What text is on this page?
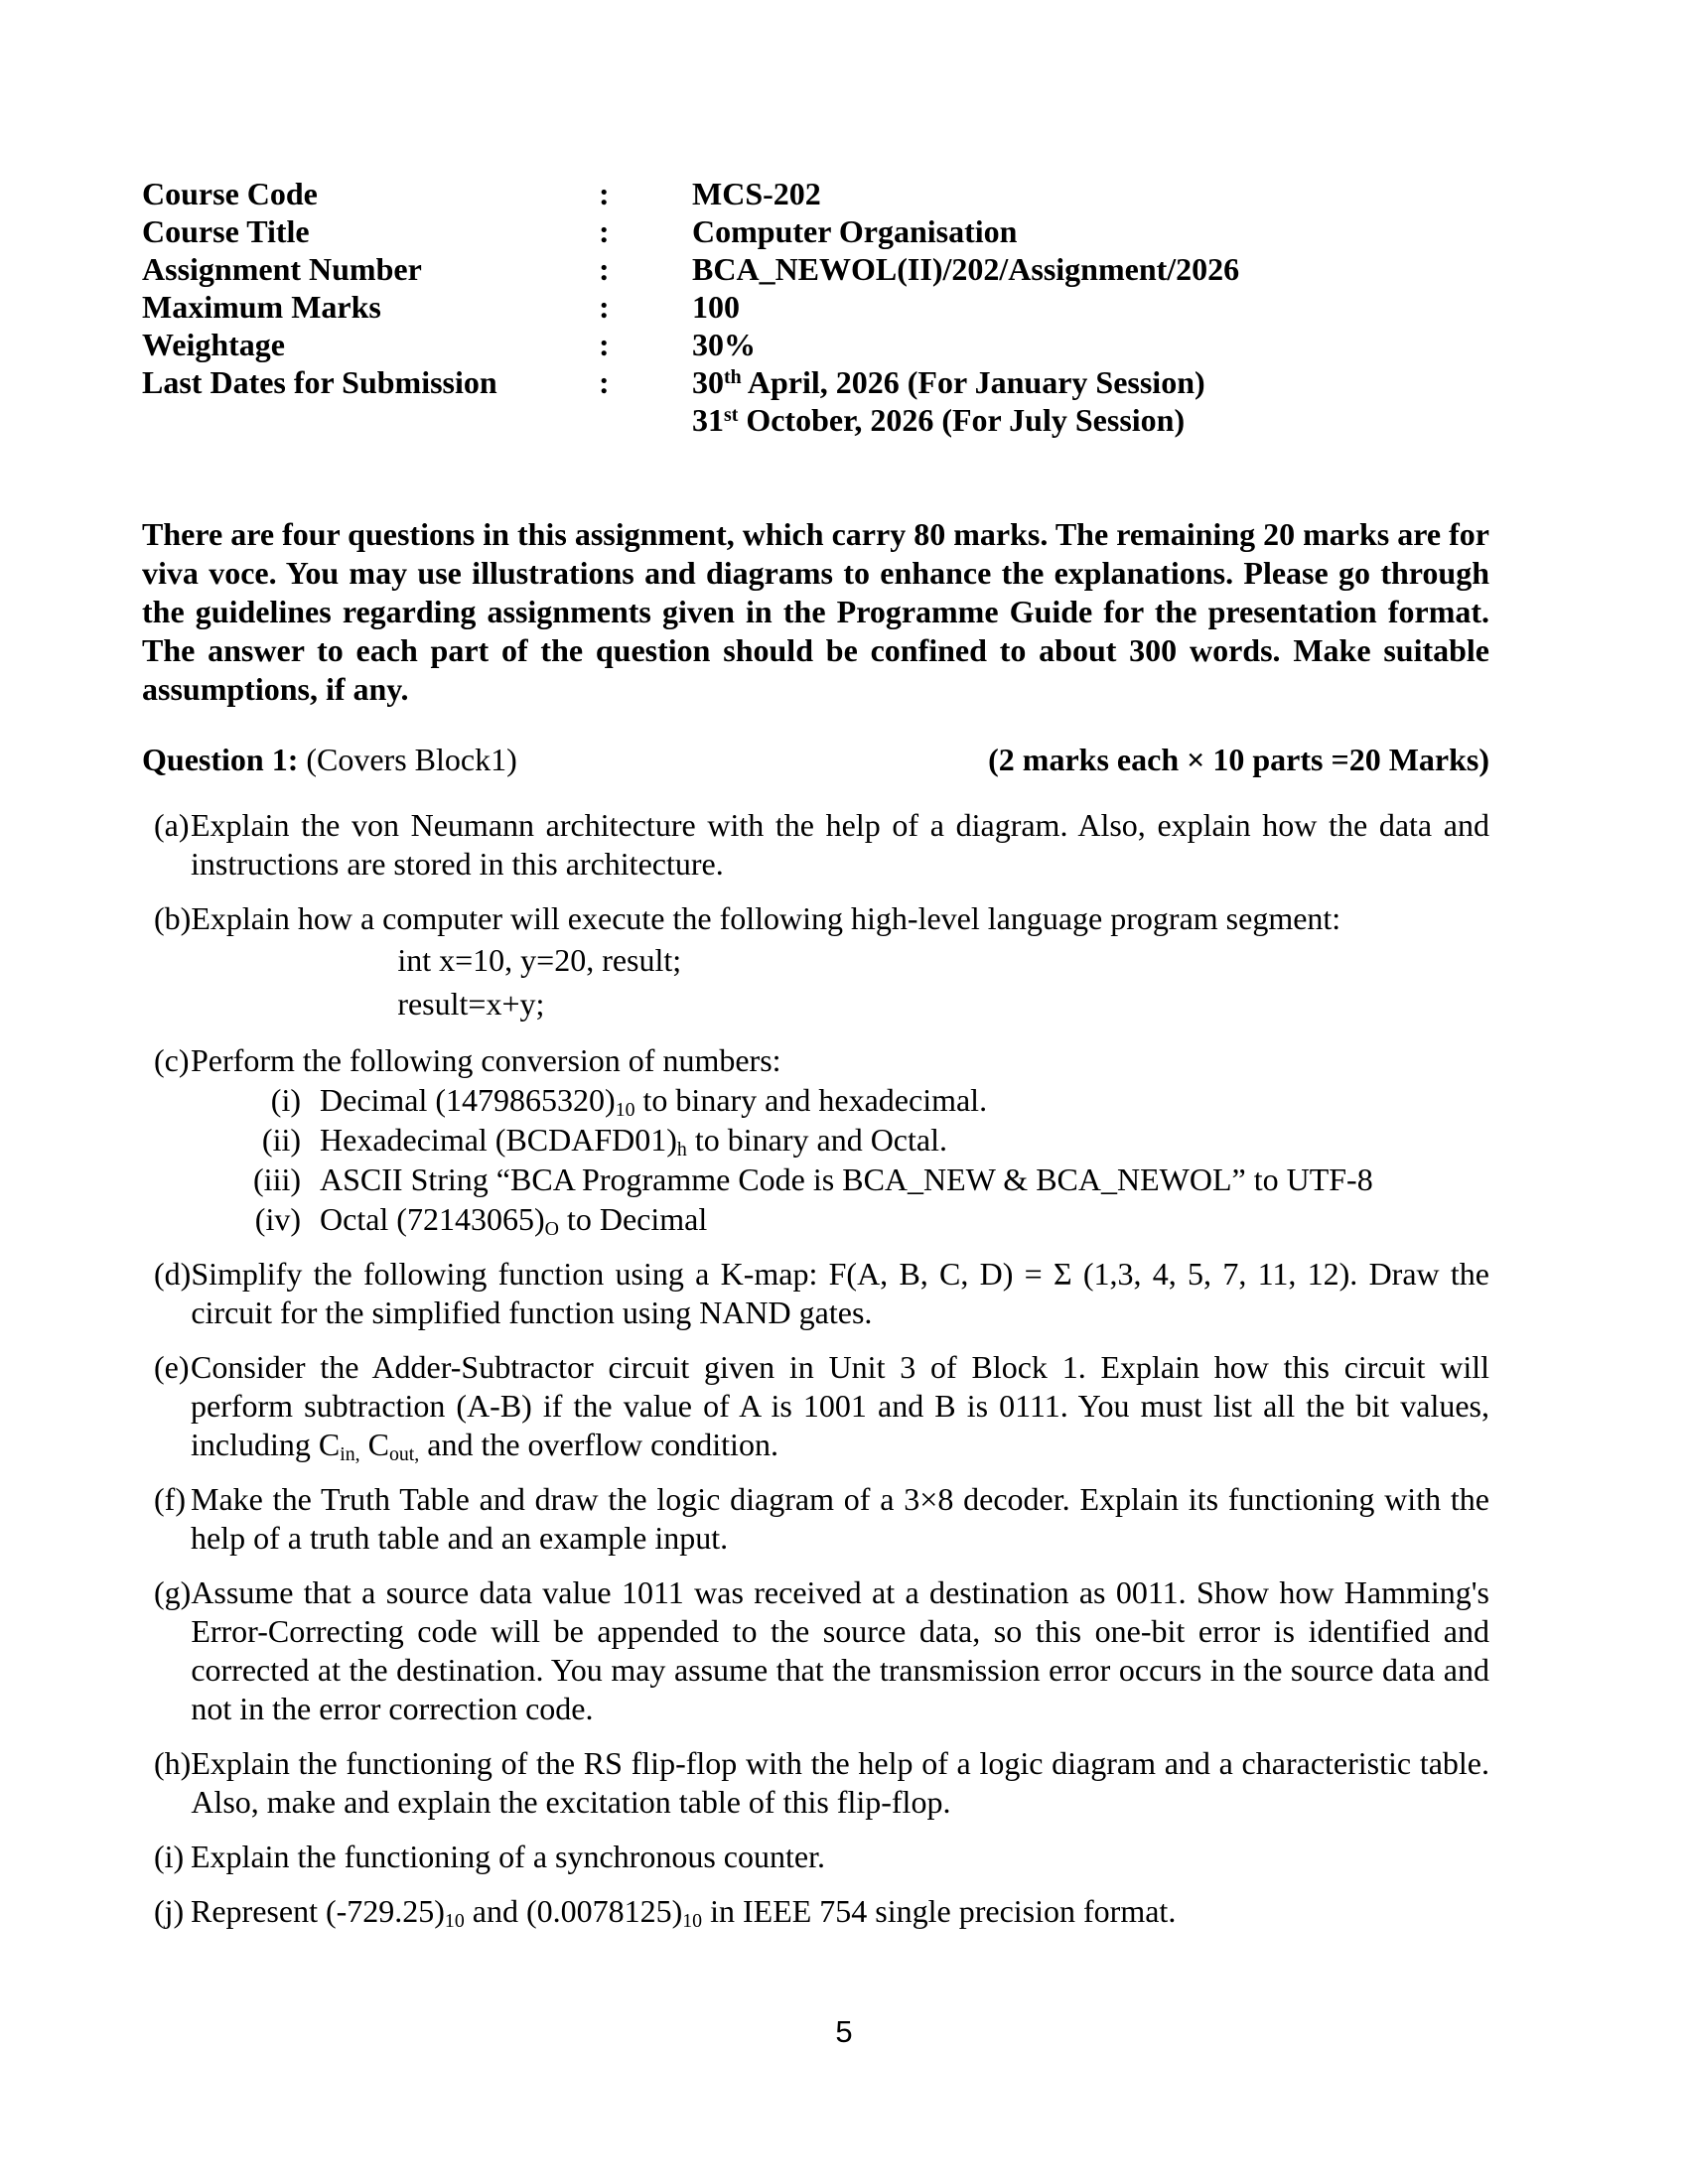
Course Code	:	MCS-202
Course Title	:	Computer Organisation
Assignment Number	:	BCA_NEWOL(II)/202/Assignment/2026
Maximum Marks	:	100
Weightage	:	30%
Last Dates for Submission	:	30th April, 2026 (For January Session)
31st October, 2026 (For July Session)

There are four questions in this assignment, which carry 80 marks. The remaining 20 marks are for viva voce. You may use illustrations and diagrams to enhance the explanations. Please go through the guidelines regarding assignments given in the Programme Guide for the presentation format. The answer to each part of the question should be confined to about 300 words. Make suitable assumptions, if any.

Question 1: (Covers Block1)	(2 marks each × 10 parts =20 Marks)
(a) Explain the von Neumann architecture with the help of a diagram. Also, explain how the data and instructions are stored in this architecture.
(b) Explain how a computer will execute the following high-level language program segment:
int x=10, y=20, result;
result=x+y;
(c) Perform the following conversion of numbers:
(i) Decimal $(1479865320)_{10}$ to binary and hexadecimal.
(ii) Hexadecimal $(BCDAFD01)_h$ to binary and Octal.
(iii) ASCII String “BCA Programme Code is BCA_NEW & BCA_NEWOL” to UTF-8
(iv) Octal $(72143065)_O$ to Decimal
(d) Simplify the following function using a K-map: F(A, B, C, D) = Σ (1,3, 4, 5, 7, 11, 12). Draw the circuit for the simplified function using NAND gates.
(e) Consider the Adder-Subtractor circuit given in Unit 3 of Block 1. Explain how this circuit will perform subtraction (A-B) if the value of A is 1001 and B is 0111. You must list all the bit values, including $C_{in,}$ $C_{out,}$ and the overflow condition.
(f) Make the Truth Table and draw the logic diagram of a 3×8 decoder. Explain its functioning with the help of a truth table and an example input.
(g) Assume that a source data value 1011 was received at a destination as 0011. Show how Hamming's Error-Correcting code will be appended to the source data, so this one-bit error is identified and corrected at the destination. You may assume that the transmission error occurs in the source data and not in the error correction code.
(h) Explain the functioning of the RS flip-flop with the help of a logic diagram and a characteristic table. Also, make and explain the excitation table of this flip-flop.
(i) Explain the functioning of a synchronous counter.
(j) Represent $(-729.25)_{10}$ and $(0.0078125)_{10}$ in IEEE 754 single precision format.
5
